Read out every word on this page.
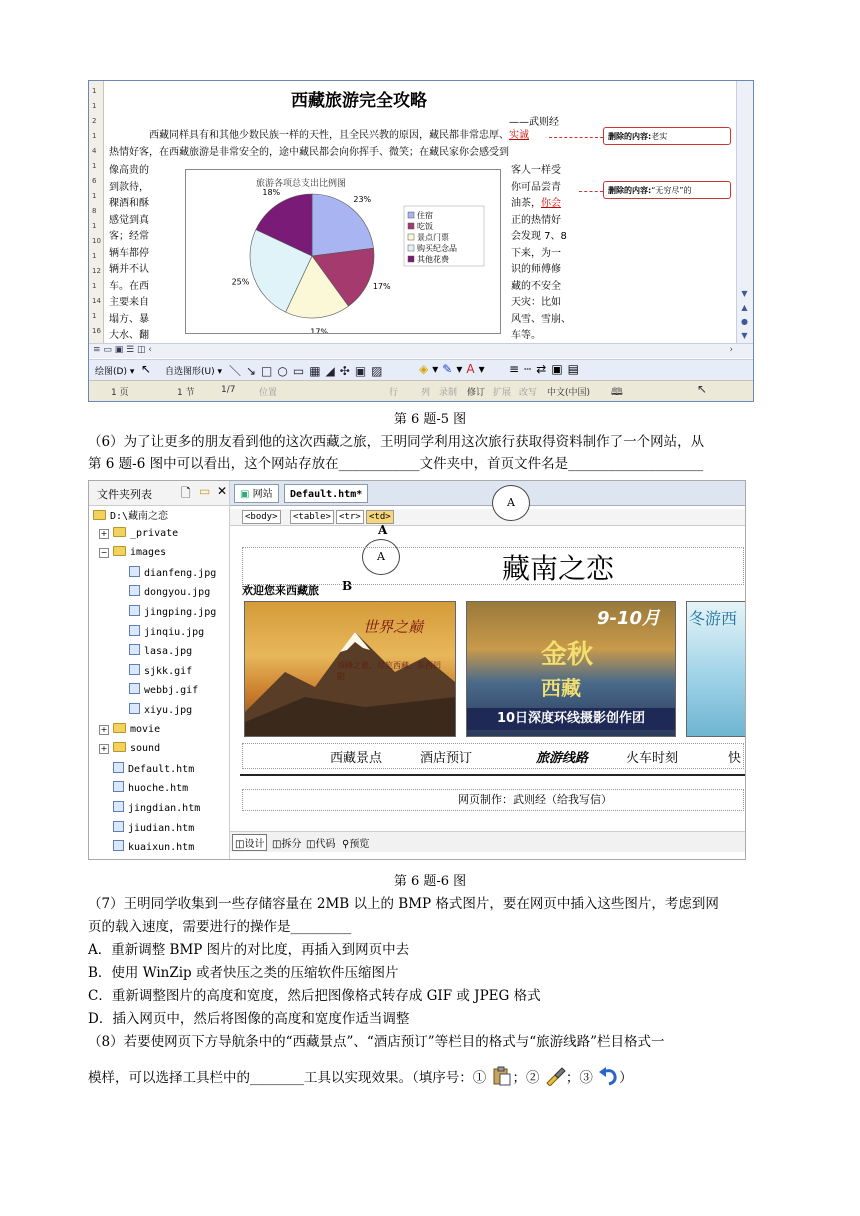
1
1
2
1
4
1
6
1
8
1
10
1
12
1
14
1
16
▼
▲
●
▼
西藏旅游完全攻略
——武则经
西藏同样具有和其他少数民族一样的天性，且全民兴教的原因，藏民都非常忠厚、实诚
热情好客，在西藏旅游是非常安全的，途中藏民都会向你挥手、微笑；在藏民家你会感受到
删除的内容:老实
删除的内容:“无穷尽”的
旅游各项总支出比例图
23%
17%
17%
25%
18%
住宿
吃饭
景点门票
购买纪念品
其他花费
≡ ▭ ▣ ☰ ◫ ‹	›
绘图(D) ▾ ↖ 自选图形(U) ▾ ＼↘□○▭▦◢✣▣▨	◈▾✎▾A▾ ≡┄⇄▣▤
1 页	1 节	1/7	位置	行	列 录制 修订 扩展 改写 中文(中国) 🕮	↖
像高贵的
到款待，
稞酒和酥
感觉到真
客；经常
辆车都停
辆并不认
车。在西
主要来自
塌方、暴
大水、翻
客人一样受
你可品尝青
油茶，你会
正的热情好
会发现 7、8
下来，为一
识的师傅修
藏的不安全
天灾：比如
风雪、雪崩、
车等。
第 6 题-5 图
（6）为了让更多的朋友看到他的这次西藏之旅，王明同学利用这次旅行获取得资料制作了一个网站，从
第 6 题-6 图中可以看出，这个网站存放在____________文件夹中，首页文件名是____________________
文件夹列表 🗋 ▭ ✕
D:\藏南之恋
+ _private
− images
dianfeng.jpg
dongyou.jpg
jingping.jpg
jinqiu.jpg
lasa.jpg
sjkk.gif
webbj.gif
xiyu.jpg
+ movie
+ sound
Default.htm
huoche.htm
jingdian.htm
jiudian.htm
kuaixun.htm
▣ 网站	Default.htm*
<body>	<table> <tr> <td>
A
A
A
B
藏南之恋
欢迎您来西藏旅
世界之巅
顶峰之旅，尽览西藏，东西凹陷
9-10月
金秋
西藏
10日深度环线摄影创作团
冬游西
网页制作：武则经（给我写信）
◫设计 ◫拆分 ◫代码 ⚲预览
西藏景点	酒店预订	旅游线路	火车时刻	快
第 6 题-6 图
（7）王明同学收集到一些存储容量在 2MB 以上的 BMP 格式图片，要在网页中插入这些图片，考虑到网
页的载入速度，需要进行的操作是_________
A．重新调整 BMP 图片的对比度，再插入到网页中去
B．使用 WinZip 或者快压之类的压缩软件压缩图片
C．重新调整图片的高度和宽度，然后把图像格式转存成 GIF 或 JPEG 格式
D．插入网页中，然后将图像的高度和宽度作适当调整
（8）若要使网页下方导航条中的“西藏景点”、“酒店预订”等栏目的格式与“旅游线路”栏目格式一
模样，可以选择工具栏中的________工具以实现效果。（填序号：① ；② ；③ ）
